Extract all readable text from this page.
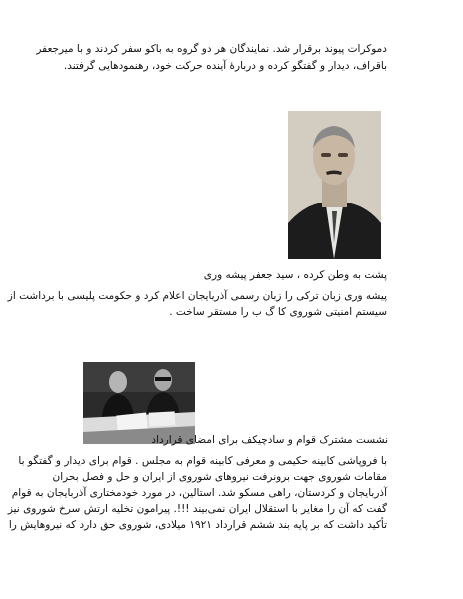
دموکرات پیوند برقرار شد. نمایندگان هر دو گروه به باکو سفر کردند و با میرجعفر
باقراف، دیدار و گفتگو کرده و دربارهٔ آینده حرکت خود، رهنمودهایی گرفتند.
پشت به وطن کرده ، سید جعفر پیشه وری
پیشه وری زبان ترکی را زبان رسمی آذربایجان اعلام کرد و حکومت پلیسی با برداشت از
سیستم امنیتی شوروی کا گ ب را مستقر ساخت .
نشست مشترک قوام و سادچیکف برای امضای قرارداد
با فروپاشی کابینه حکیمی و معرفی کابینه قوام به مجلس . قوام برای دیدار و گفتگو با
مقامات شوروی جهت برونرفت نیروهای شوروی از ایران و حل و فصل بحران
آذربایجان و کردستان، راهی مسکو شد. استالین، در مورد خودمختاری آذربایجان به قوام
گفت که آن را مغایر با استقلال ایران نمی‌بیند !!!. پیرامون تخلیه ارتش سرخ شوروی نیز
تأکید داشت که بر پایه بند ششم قرارداد ۱۹۲۱ میلادی، شوروی حق دارد که نیروهایش را
